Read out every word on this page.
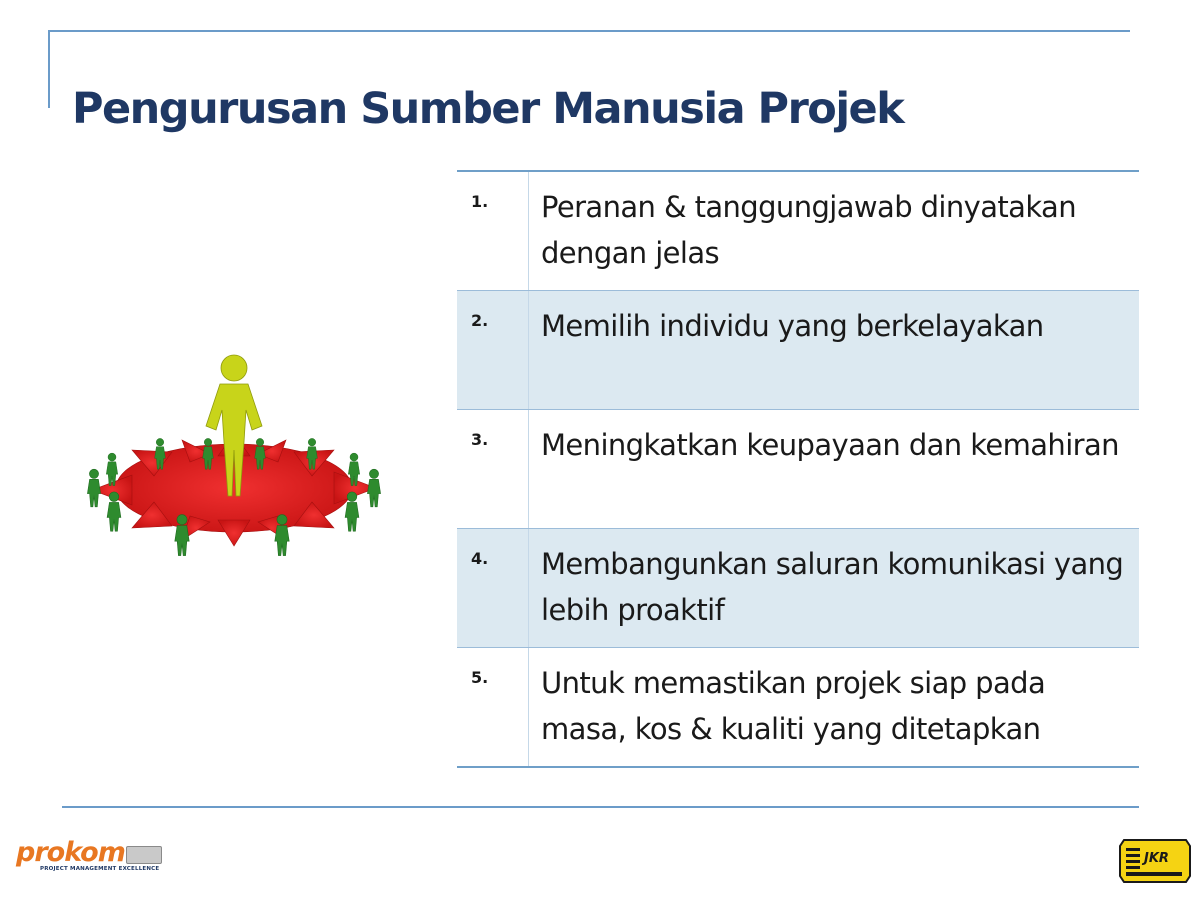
Pengurusan Sumber Manusia Projek
1. Peranan & tanggungjawab dinyatakan dengan jelas
2. Memilih individu yang berkelayakan
3. Meningkatkan keupayaan dan kemahiran
4. Membangunkan saluran komunikasi yang lebih proaktif
5. Untuk memastikan projek siap pada masa, kos & kualiti yang ditetapkan
prokom
PROJECT MANAGEMENT EXCELLENCE
JKR
